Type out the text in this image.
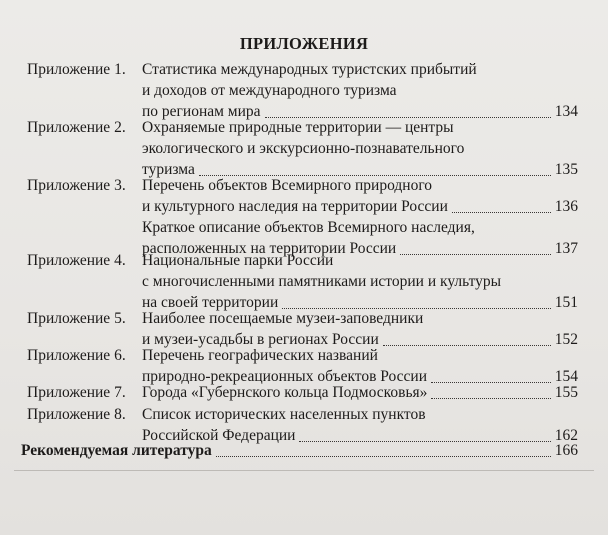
ПРИЛОЖЕНИЯ
Приложение 1. Статистика международных туристских прибытий
и доходов от международного туризма
по регионам мира	134
Приложение 2. Охраняемые природные территории — центры
экологического и экскурсионно-познавательного
туризма	135
Приложение 3. Перечень объектов Всемирного природного
и культурного наследия на территории России	136
Краткое описание объектов Всемирного наследия,
расположенных на территории России	137
Приложение 4. Национальные парки России
с многочисленными памятниками истории и культуры
на своей территории	151
Приложение 5. Наиболее посещаемые музеи-заповедники
и музеи-усадьбы в регионах России	152
Приложение 6. Перечень географических названий
природно-рекреационных объектов России	154
Приложение 7. Города «Губернского кольца Подмосковья»	155
Приложение 8. Список исторических населенных пунктов
Российской Федерации	162
Рекомендуемая литература	166
